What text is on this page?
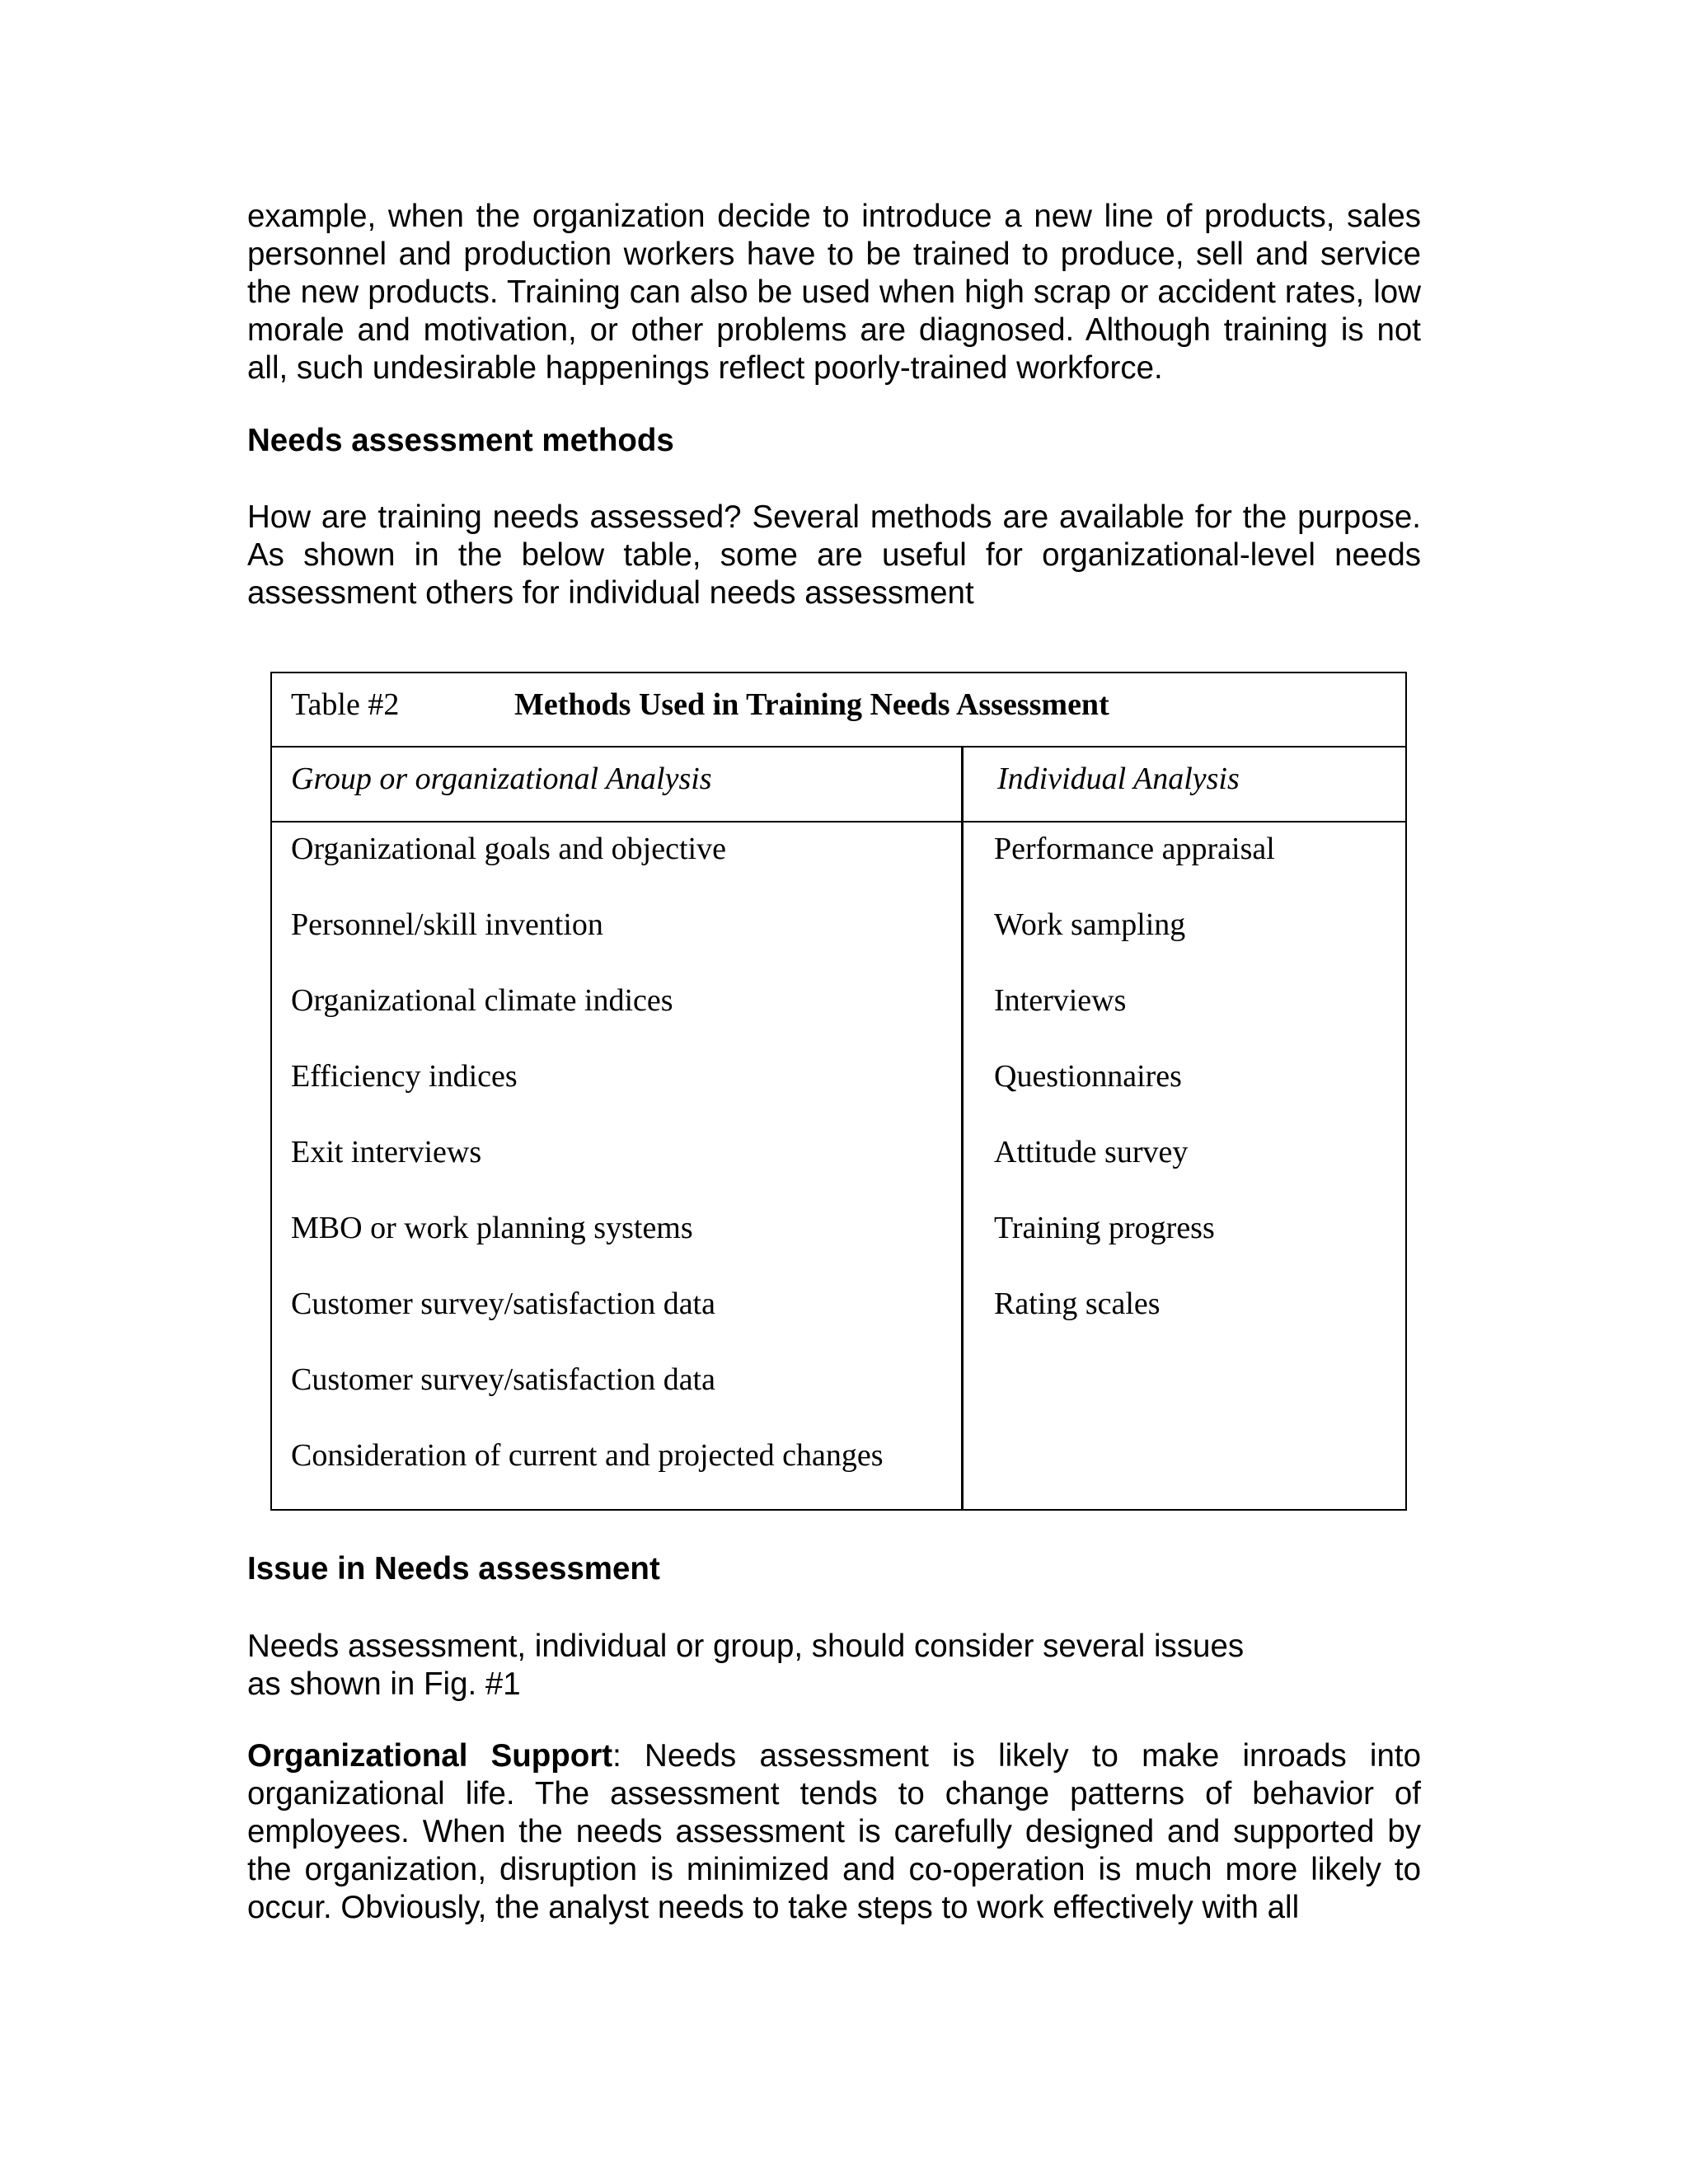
example, when the organization decide to introduce a new line of products, sales personnel and production workers have to be trained to produce, sell and service the new products. Training can also be used when high scrap or accident rates, low morale and motivation, or other problems are diagnosed. Although training is not all, such undesirable happenings reflect poorly-trained workforce.

Needs assessment methods

How are training needs assessed? Several methods are available for the purpose. As shown in the below table, some are useful for organizational-level needs assessment others for individual needs assessment

Table #2	Methods Used in Training Needs Assessment
Group or organizational Analysis	Individual Analysis
Organizational goals and objective
Personnel/skill invention
Organizational climate indices
Efficiency indices
Exit interviews
MBO or work planning systems
Customer survey/satisfaction data
Customer survey/satisfaction data
Consideration of current and projected changes
Performance appraisal
Work sampling
Interviews
Questionnaires
Attitude survey
Training progress
Rating scales
Issue in Needs assessment

Needs assessment, individual or group, should consider several issues
as shown in Fig. #1

Organizational Support: Needs assessment is likely to make inroads into organizational life. The assessment tends to change patterns of behavior of employees. When the needs assessment is carefully designed and supported by the organization, disruption is minimized and co-operation is much more likely to occur. Obviously, the analyst needs to take steps to work effectively with all
